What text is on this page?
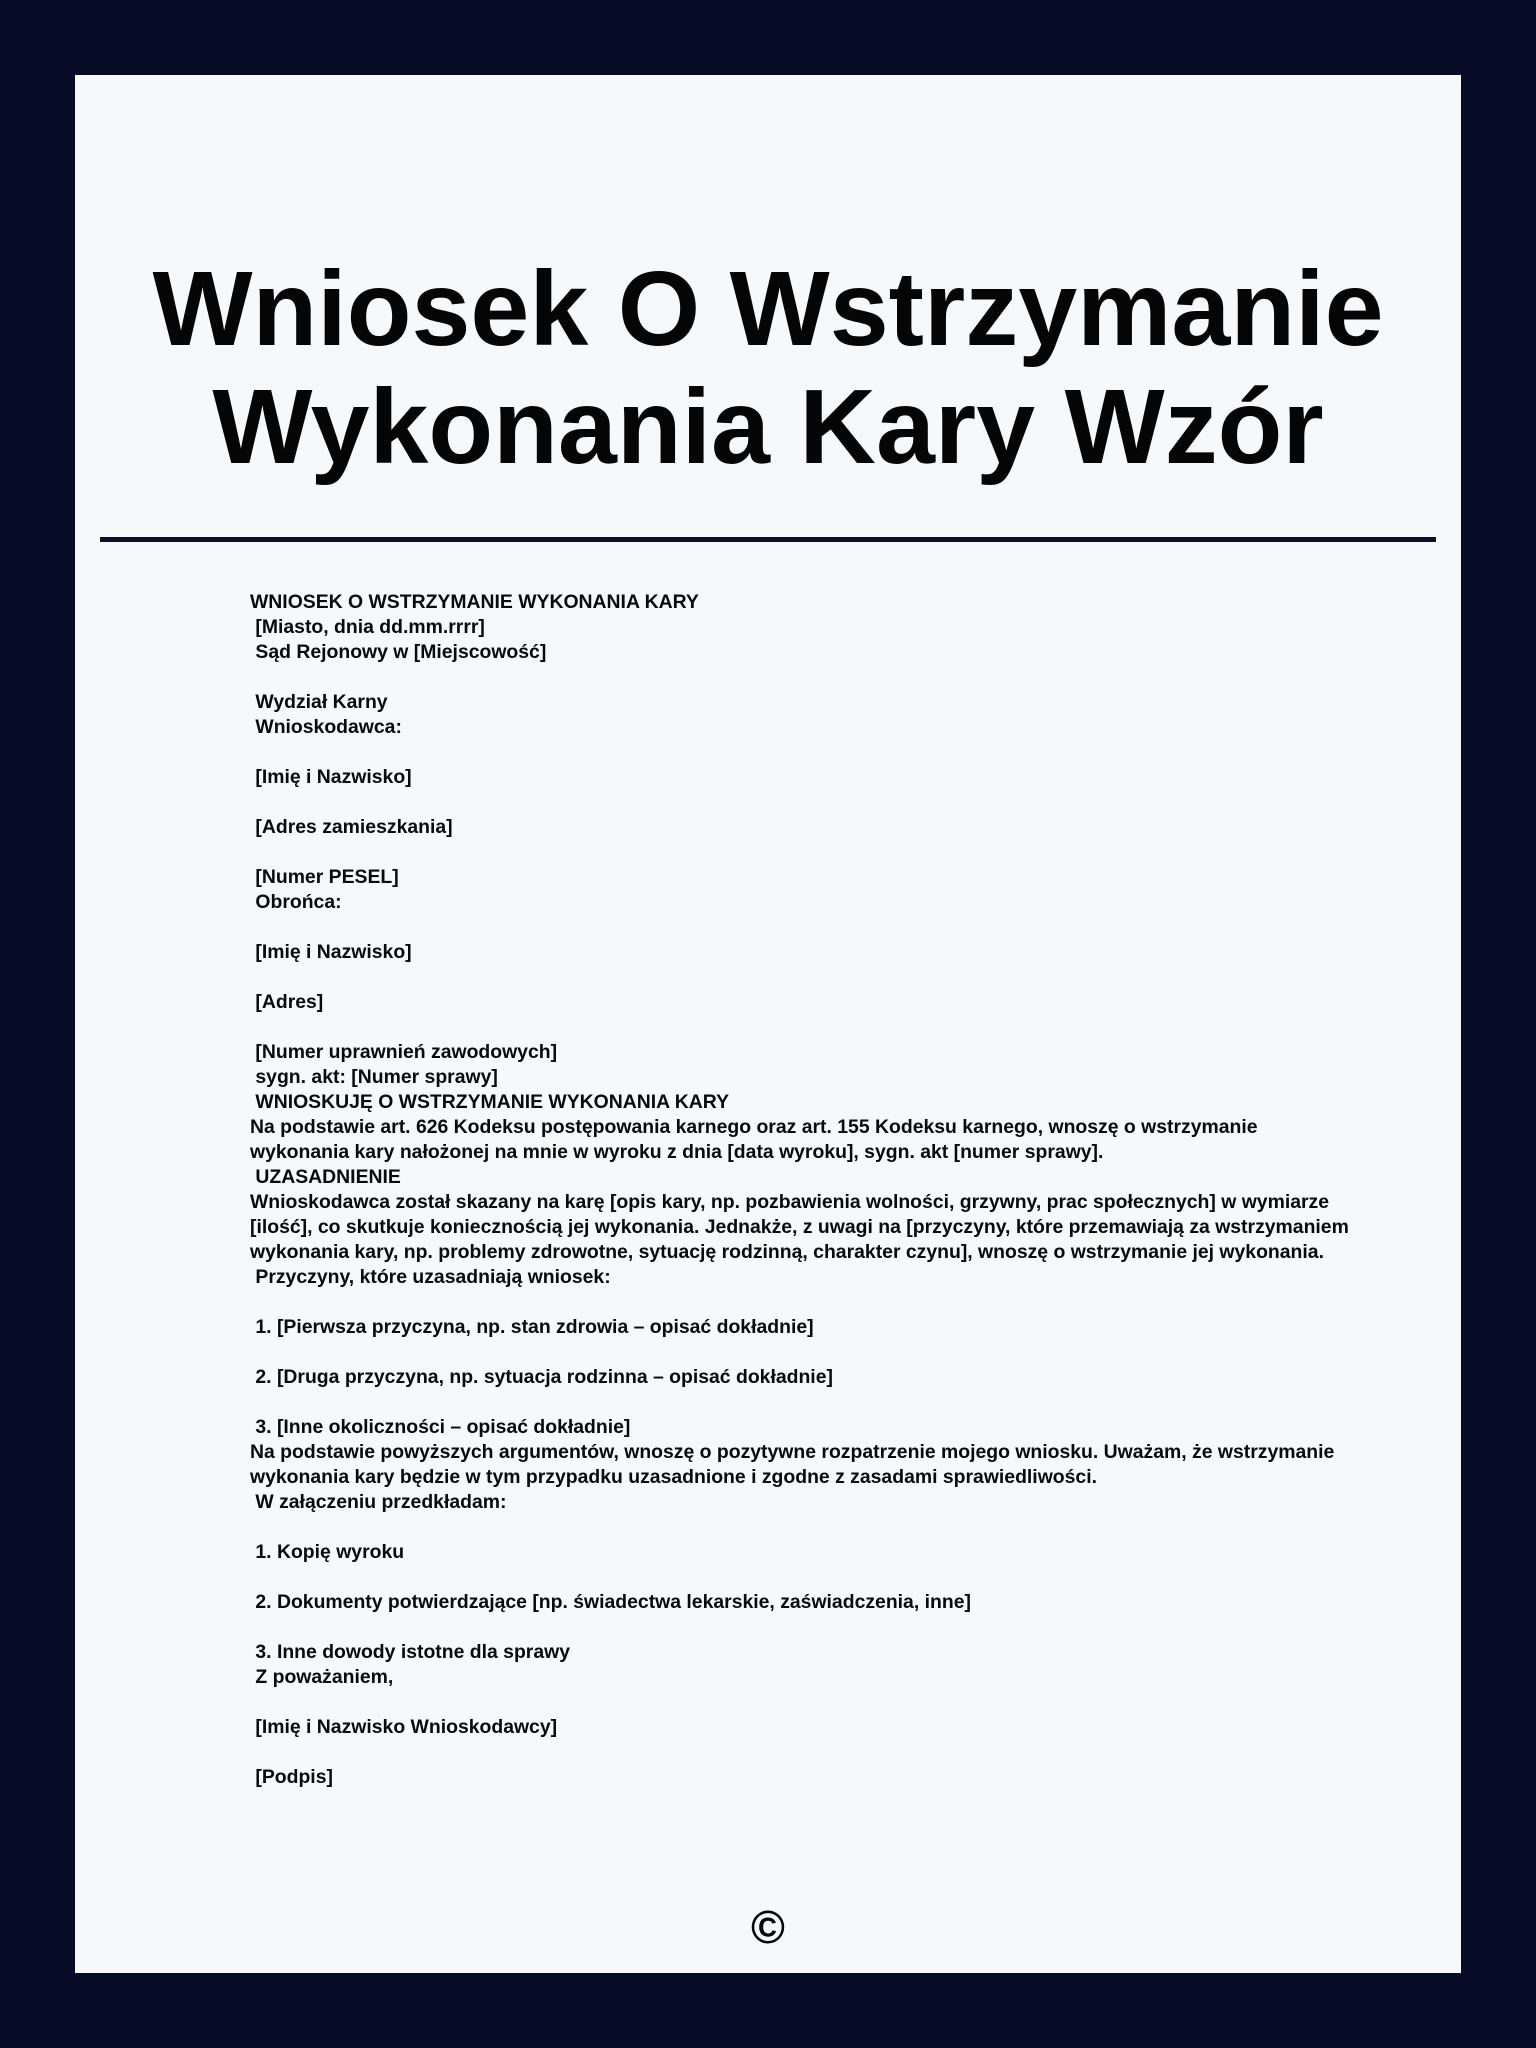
Wniosek O Wstrzymanie Wykonania Kary Wzór
WNIOSEK O WSTRZYMANIE WYKONANIA KARY
[Miasto, dnia dd.mm.rrrr]
Sąd Rejonowy w [Miejscowość]
Wydział Karny
Wnioskodawca:
[Imię i Nazwisko]
[Adres zamieszkania]
[Numer PESEL]
Obrońca:
[Imię i Nazwisko]
[Adres]
[Numer uprawnień zawodowych]
sygn. akt: [Numer sprawy]
WNIOSKUJĘ O WSTRZYMANIE WYKONANIA KARY
Na podstawie art. 626 Kodeksu postępowania karnego oraz art. 155 Kodeksu karnego, wnoszę o wstrzymanie wykonania kary nałożonej na mnie w wyroku z dnia [data wyroku], sygn. akt [numer sprawy].
UZASADNIENIE
Wnioskodawca został skazany na karę [opis kary, np. pozbawienia wolności, grzywny, prac społecznych] w wymiarze [ilość], co skutkuje koniecznością jej wykonania. Jednakże, z uwagi na [przyczyny, które przemawiają za wstrzymaniem wykonania kary, np. problemy zdrowotne, sytuację rodzinną, charakter czynu], wnoszę o wstrzymanie jej wykonania.
Przyczyny, które uzasadniają wniosek:
1. [Pierwsza przyczyna, np. stan zdrowia – opisać dokładnie]
2. [Druga przyczyna, np. sytuacja rodzinna – opisać dokładnie]
3. [Inne okoliczności – opisać dokładnie]
Na podstawie powyższych argumentów, wnoszę o pozytywne rozpatrzenie mojego wniosku. Uważam, że wstrzymanie wykonania kary będzie w tym przypadku uzasadnione i zgodne z zasadami sprawiedliwości.
W załączeniu przedkładam:
1. Kopię wyroku
2. Dokumenty potwierdzające [np. świadectwa lekarskie, zaświadczenia, inne]
3. Inne dowody istotne dla sprawy
Z poważaniem,
[Imię i Nazwisko Wnioskodawcy]
[Podpis]
©
